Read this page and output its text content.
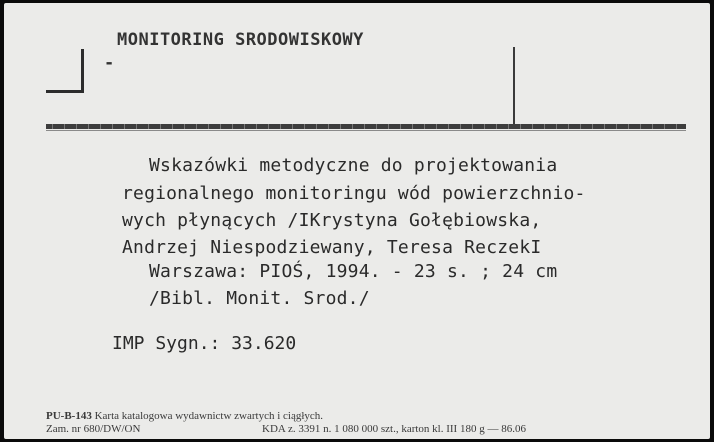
MONITORING SRODOWISKOWY
-
Wskazówki metodyczne do projektowania
regionalnego monitoringu wód powierzchnio-
wych płynących /IKrystyna Gołębiowska,
Andrzej Niespodziewany, Teresa ReczekI
Warszawa: PIOŚ, 1994. - 23 s. ; 24 cm
/Bibl. Monit. Srod./
IMP Sygn.: 33.620
PU-B-143 Karta katalogowa wydawnictw zwartych i ciągłych.
Zam. nr 680/DW/ON	KDA z. 3391 n. 1 080 000 szt., karton kl. III 180 g — 86.06
